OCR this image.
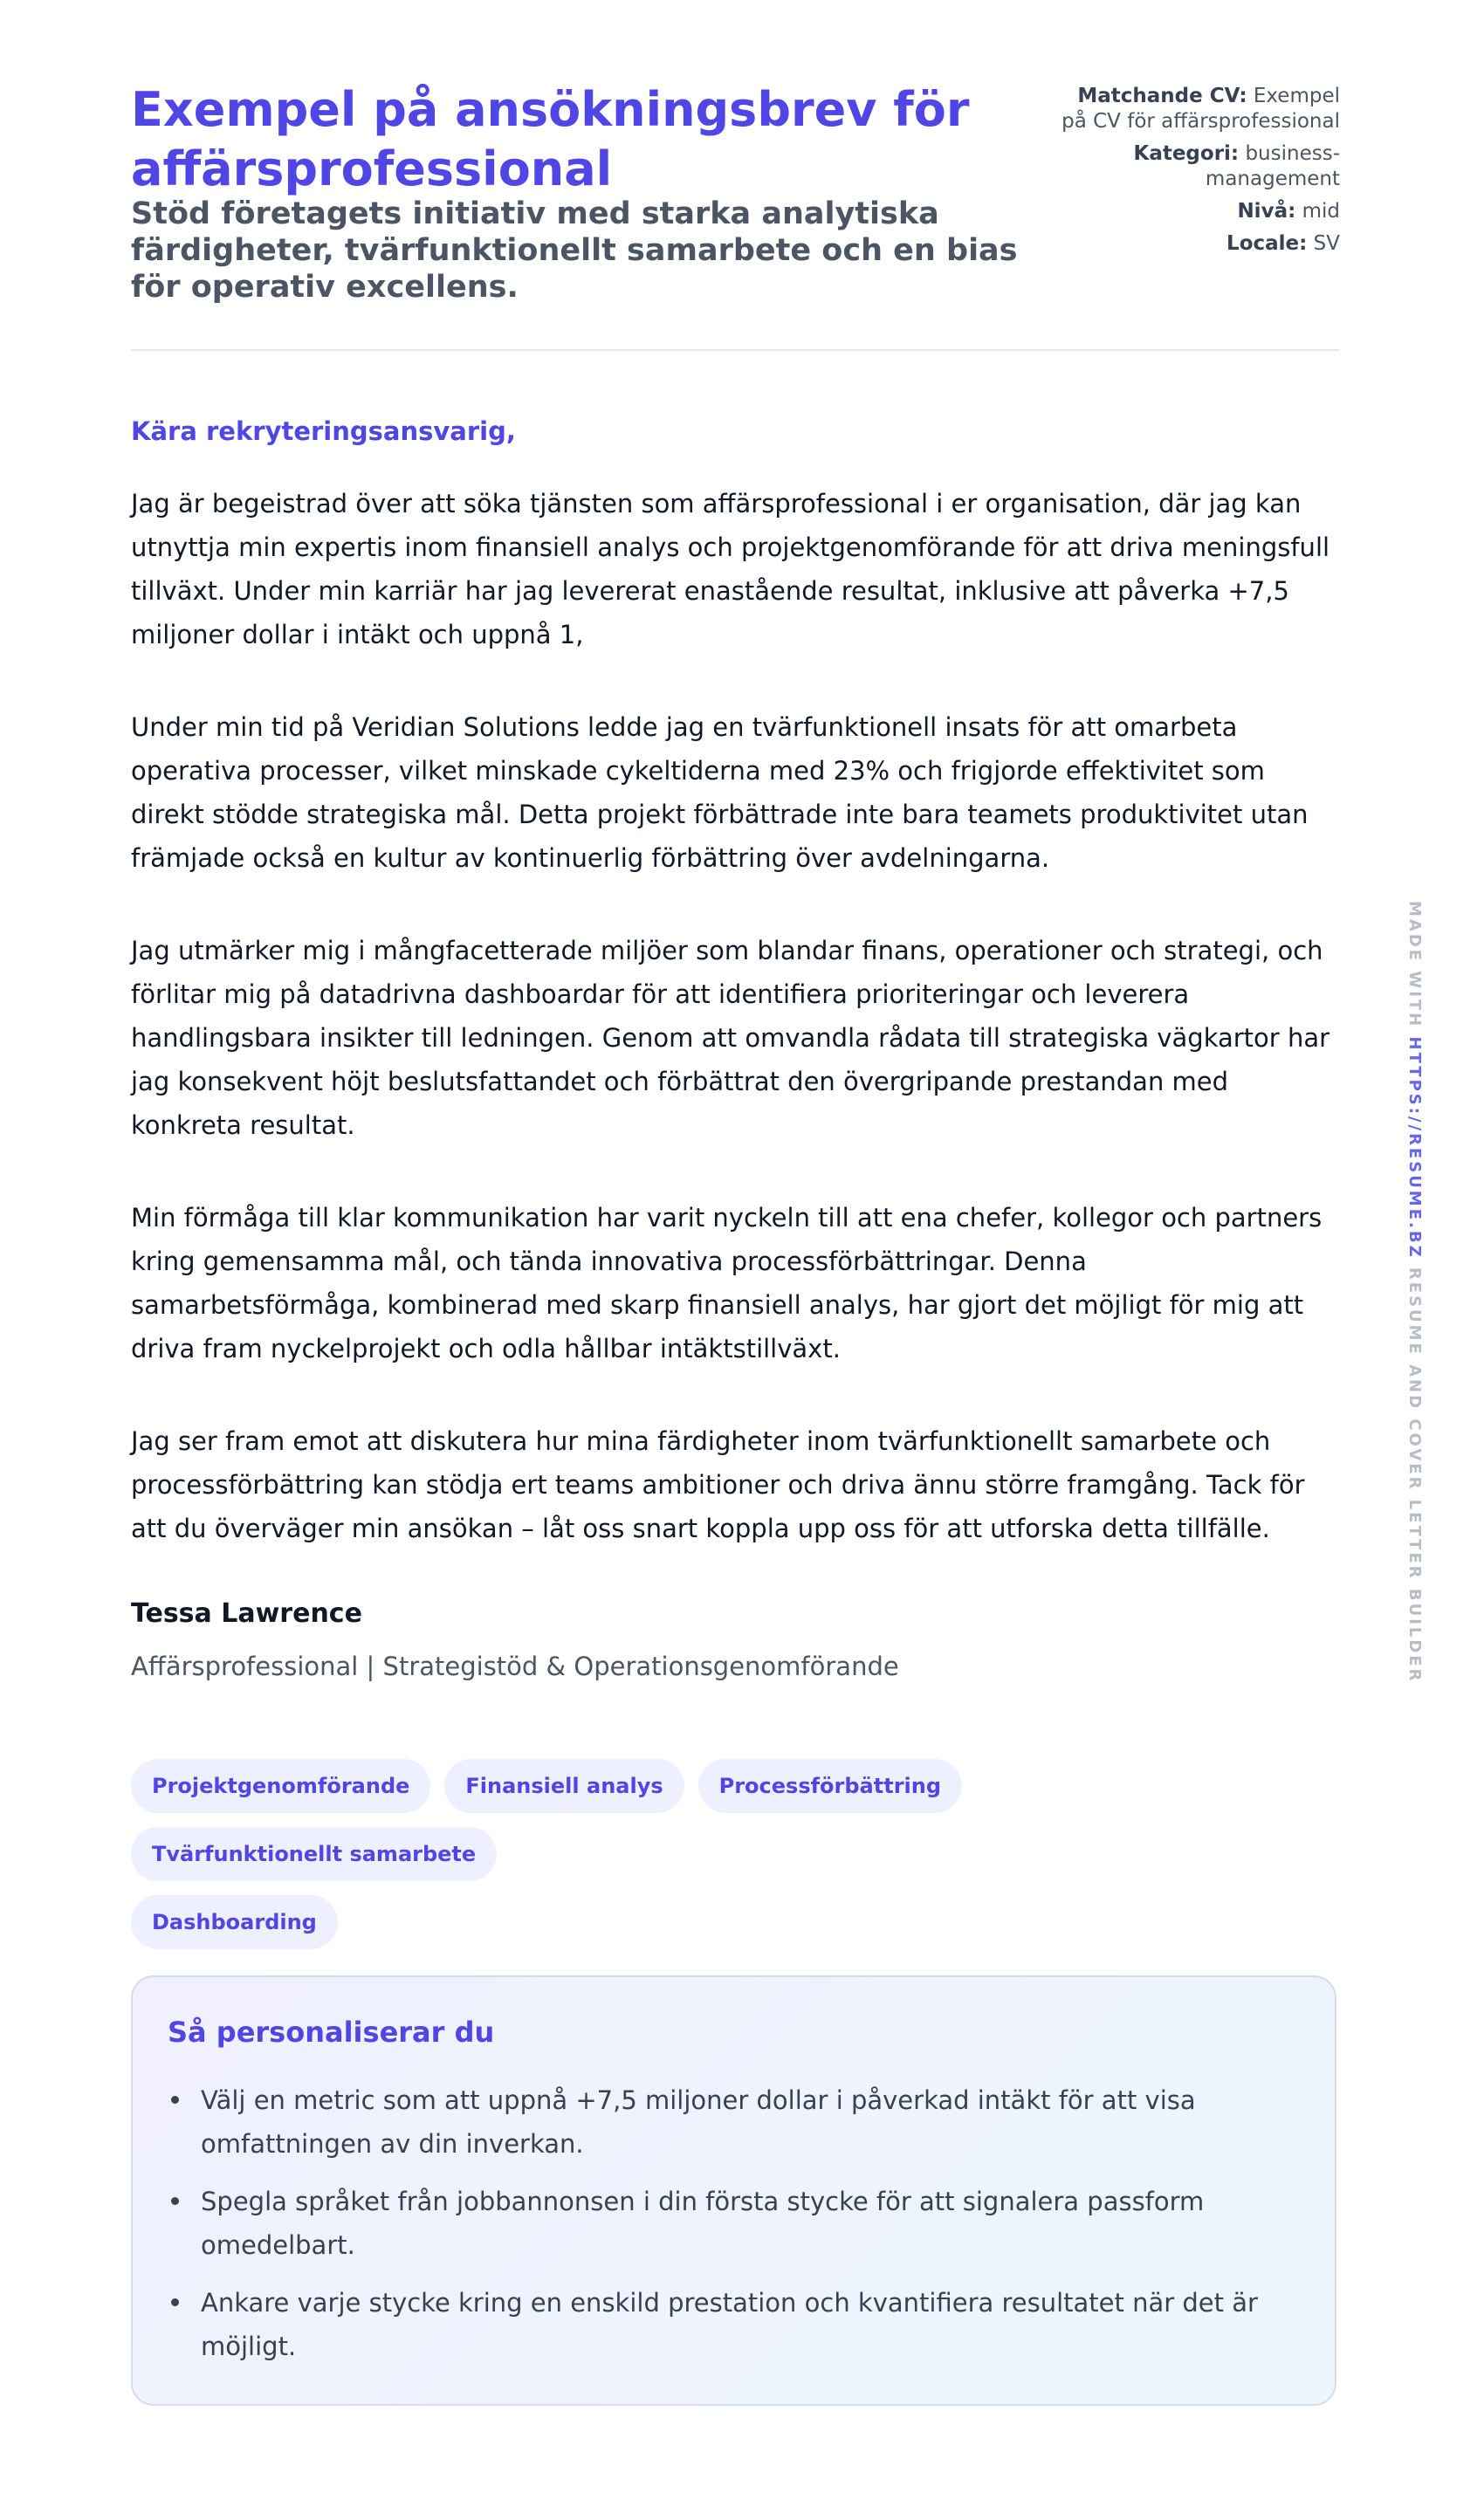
Exempel på ansökningsbrev för affärsprofessional

Stöd företagets initiativ med starka analytiska färdigheter, tvärfunktionellt samarbete och en bias för operativ excellens.

Matchande CV: Exempel på CV för affärsprofessional
Kategori: business-management
Nivå: mid
Locale: SV

Kära rekryteringsansvarig,

Jag är begeistrad över att söka tjänsten som affärsprofessional i er organisation, där jag kan utnyttja min expertis inom finansiell analys och projektgenomförande för att driva meningsfull tillväxt. Under min karriär har jag levererat enastående resultat, inklusive att påverka +7,5 miljoner dollar i intäkt och uppnå 1,

Under min tid på Veridian Solutions ledde jag en tvärfunktionell insats för att omarbeta operativa processer, vilket minskade cykeltiderna med 23% och frigjorde effektivitet som direkt stödde strategiska mål. Detta projekt förbättrade inte bara teamets produktivitet utan främjade också en kultur av kontinuerlig förbättring över avdelningarna.

Jag utmärker mig i mångfacetterade miljöer som blandar finans, operationer och strategi, och förlitar mig på datadrivna dashboardar för att identifiera prioriteringar och leverera handlingsbara insikter till ledningen. Genom att omvandla rådata till strategiska vägkartor har jag konsekvent höjt beslutsfattandet och förbättrat den övergripande prestandan med konkreta resultat.

Min förmåga till klar kommunikation har varit nyckeln till att ena chefer, kollegor och partners kring gemensamma mål, och tända innovativa processförbättringar. Denna samarbetsförmåga, kombinerad med skarp finansiell analys, har gjort det möjligt för mig att driva fram nyckelprojekt och odla hållbar intäktstillväxt.

Jag ser fram emot att diskutera hur mina färdigheter inom tvärfunktionellt samarbete och processförbättring kan stödja ert teams ambitioner och driva ännu större framgång. Tack för att du överväger min ansökan – låt oss snart koppla upp oss för att utforska detta tillfälle.

Tessa Lawrence

Affärsprofessional | Strategistöd & Operationsgenomförande

Projektgenomförande	Finansiell analys	ProcessförbättringTvärfunktionellt samarbete
Dashboarding
Så personaliserar du
Välj en metric som att uppnå +7,5 miljoner dollar i påverkad intäkt för att visa omfattningen av din inverkan.
Spegla språket från jobbannonsen i din första stycke för att signalera passform omedelbart.
Ankare varje stycke kring en enskild prestation och kvantifiera resultatet när det är möjligt.
MADE WITH HTTPS://RESUME.BZ RESUME AND COVER LETTER BUILDER
